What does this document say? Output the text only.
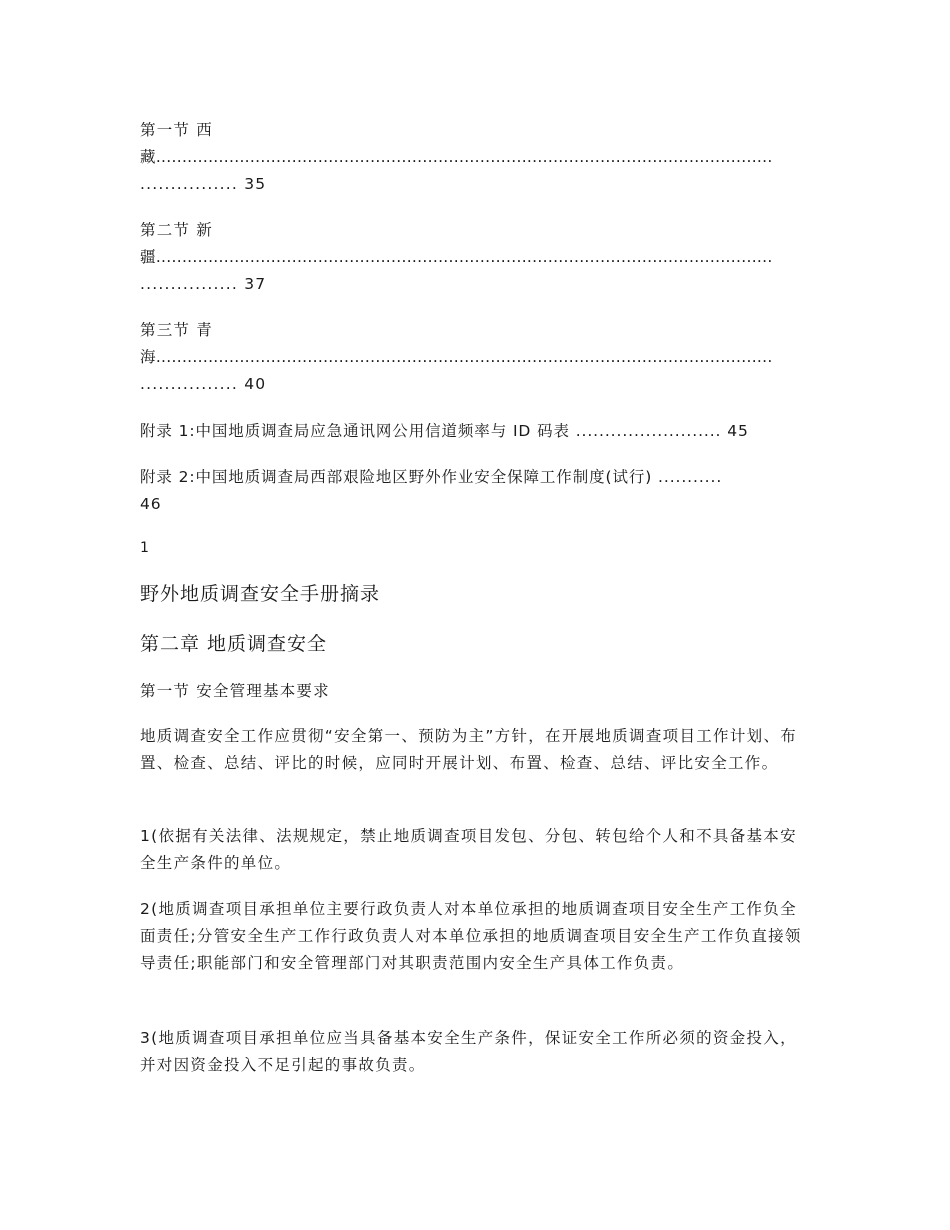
第一节 西
藏......................................................................................................................
................ 35
第二节 新
疆......................................................................................................................
................ 37
第三节 青
海......................................................................................................................
................ 40
附录 1:中国地质调查局应急通讯网公用信道频率与 ID 码表 ......................... 45
附录 2:中国地质调查局西部艰险地区野外作业安全保障工作制度(试行) ...........
46
1
野外地质调查安全手册摘录
第二章 地质调查安全
第一节 安全管理基本要求
地质调查安全工作应贯彻“安全第一、预防为主”方针，在开展地质调查项目工作计划、布置、检查、总结、评比的时候，应同时开展计划、布置、检查、总结、评比安全工作。
1(依据有关法律、法规规定，禁止地质调查项目发包、分包、转包给个人和不具备基本安全生产条件的单位。
2(地质调查项目承担单位主要行政负责人对本单位承担的地质调查项目安全生产工作负全面责任;分管安全生产工作行政负责人对本单位承担的地质调查项目安全生产工作负直接领导责任;职能部门和安全管理部门对其职责范围内安全生产具体工作负责。
3(地质调查项目承担单位应当具备基本安全生产条件，保证安全工作所必须的资金投入，并对因资金投入不足引起的事故负责。
